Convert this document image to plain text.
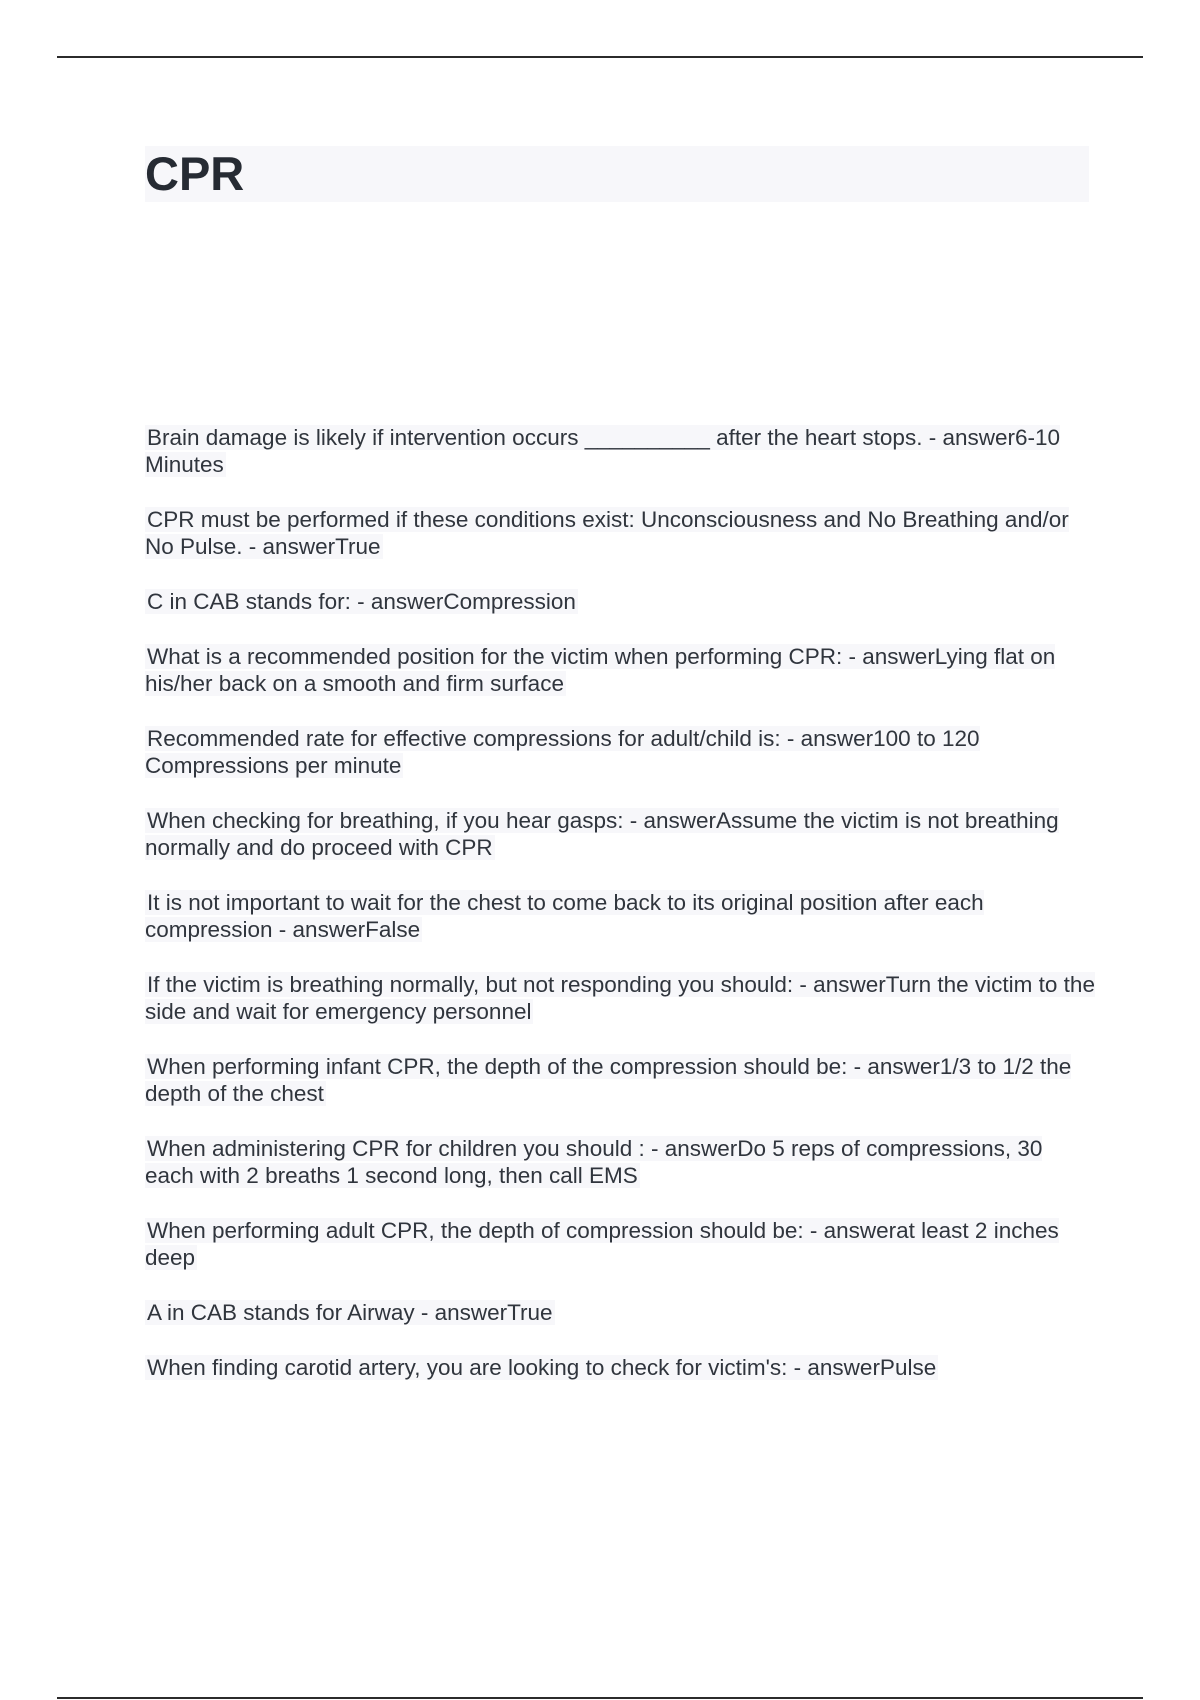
CPR
Brain damage is likely if intervention occurs __________ after the heart stops. - answer6-10 Minutes
CPR must be performed if these conditions exist: Unconsciousness and No Breathing and/or No Pulse. - answerTrue
C in CAB stands for: - answerCompression
What is a recommended position for the victim when performing CPR: - answerLying flat on his/her back on a smooth and firm surface
Recommended rate for effective compressions for adult/child is: - answer100 to 120 Compressions per minute
When checking for breathing, if you hear gasps: - answerAssume the victim is not breathing normally and do proceed with CPR
It is not important to wait for the chest to come back to its original position after each compression - answerFalse
If the victim is breathing normally, but not responding you should: - answerTurn the victim to the side and wait for emergency personnel
When performing infant CPR, the depth of the compression should be: - answer1/3 to 1/2 the depth of the chest
When administering CPR for children you should : - answerDo 5 reps of compressions, 30 each with 2 breaths 1 second long, then call EMS
When performing adult CPR, the depth of compression should be: - answerat least 2 inches deep
A in CAB stands for Airway - answerTrue
When finding carotid artery, you are looking to check for victim's: - answerPulse
